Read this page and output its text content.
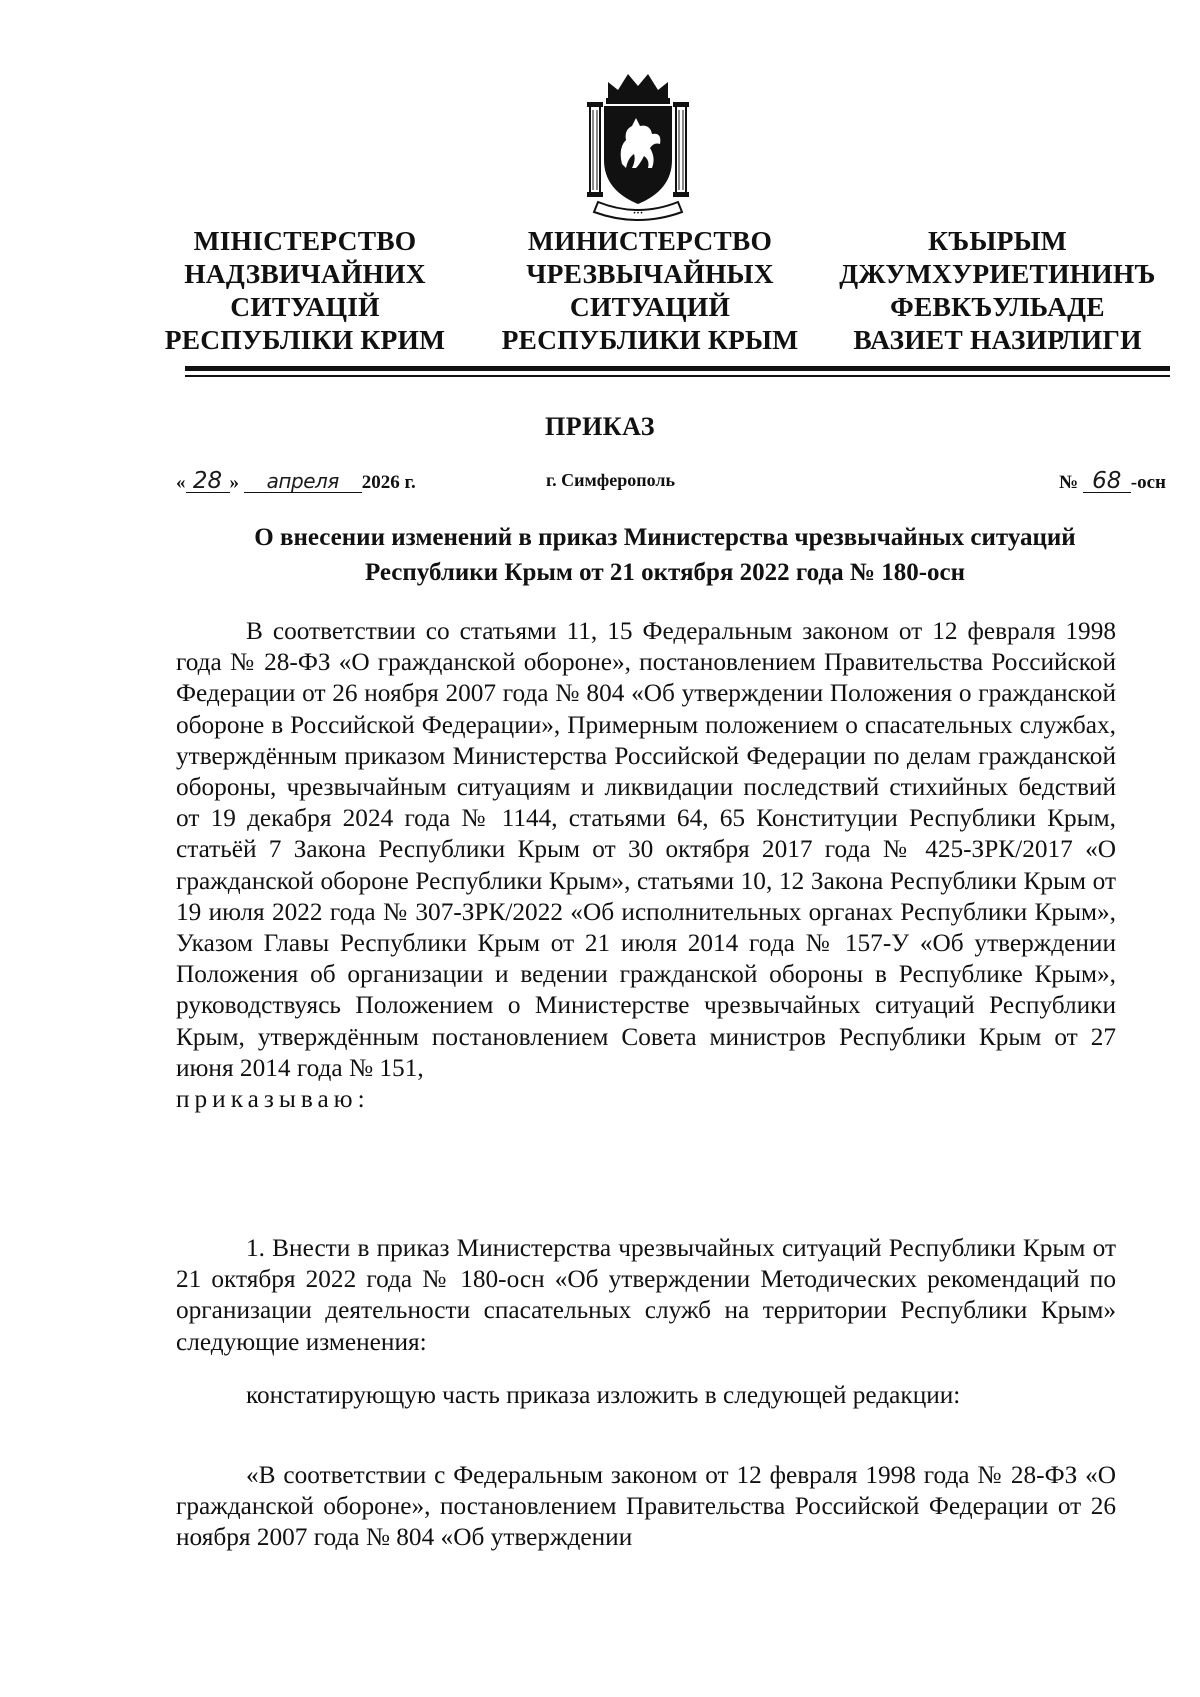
•••
МІНІСТЕРСТВО
НАДЗВИЧАЙНИХ
СИТУАЦІЙ
РЕСПУБЛІКИ КРИМ
МИНИСТЕРСТВО
ЧРЕЗВЫЧАЙНЫХ
СИТУАЦИЙ
РЕСПУБЛИКИ КРЫМ
КЪЫРЫМ
ДЖУМХУРИЕТИНИНЪ
ФЕВКЪУЛЬАДЕ
ВАЗИЕТ НАЗИРЛИГИ
ПРИКАЗ
« 28 » апреля 2026 г.	г. Симферополь	№ 68 -осн
О внесении изменений в приказ Министерства чрезвычайных ситуаций
Республики Крым от 21 октября 2022 года № 180-осн
В соответствии со статьями 11, 15 Федеральным законом от 12 февраля 1998 года № 28-ФЗ «О гражданской обороне», постановлением Правительства Российской Федерации от 26 ноября 2007 года № 804 «Об утверждении Положения о гражданской обороне в Российской Федерации», Примерным положением о спасательных службах, утверждённым приказом Министерства Российской Федерации по делам гражданской обороны, чрезвычайным ситуациям и ликвидации последствий стихийных бедствий от 19 декабря 2024 года № 1144, статьями 64, 65 Конституции Республики Крым, статьёй 7 Закона Республики Крым от 30 октября 2017 года № 425-ЗРК/2017 «О гражданской обороне Республики Крым», статьями 10, 12 Закона Республики Крым от 19 июля 2022 года № 307-ЗРК/2022 «Об исполнительных органах Республики Крым», Указом Главы Республики Крым от 21 июля 2014 года № 157-У «Об утверждении Положения об организации и ведении гражданской обороны в Республике Крым», руководствуясь Положением о Министерстве чрезвычайных ситуаций Республики Крым, утверждённым постановлением Совета министров Республики Крым от 27 июня 2014 года № 151,
приказываю:
1. Внести в приказ Министерства чрезвычайных ситуаций Республики Крым от 21 октября 2022 года № 180-осн «Об утверждении Методических рекомендаций по организации деятельности спасательных служб на территории Республики Крым» следующие изменения:
констатирующую часть приказа изложить в следующей редакции:
«В соответствии с Федеральным законом от 12 февраля 1998 года № 28-ФЗ «О гражданской обороне», постановлением Правительства Российской Федерации от 26 ноября 2007 года № 804 «Об утверждении
